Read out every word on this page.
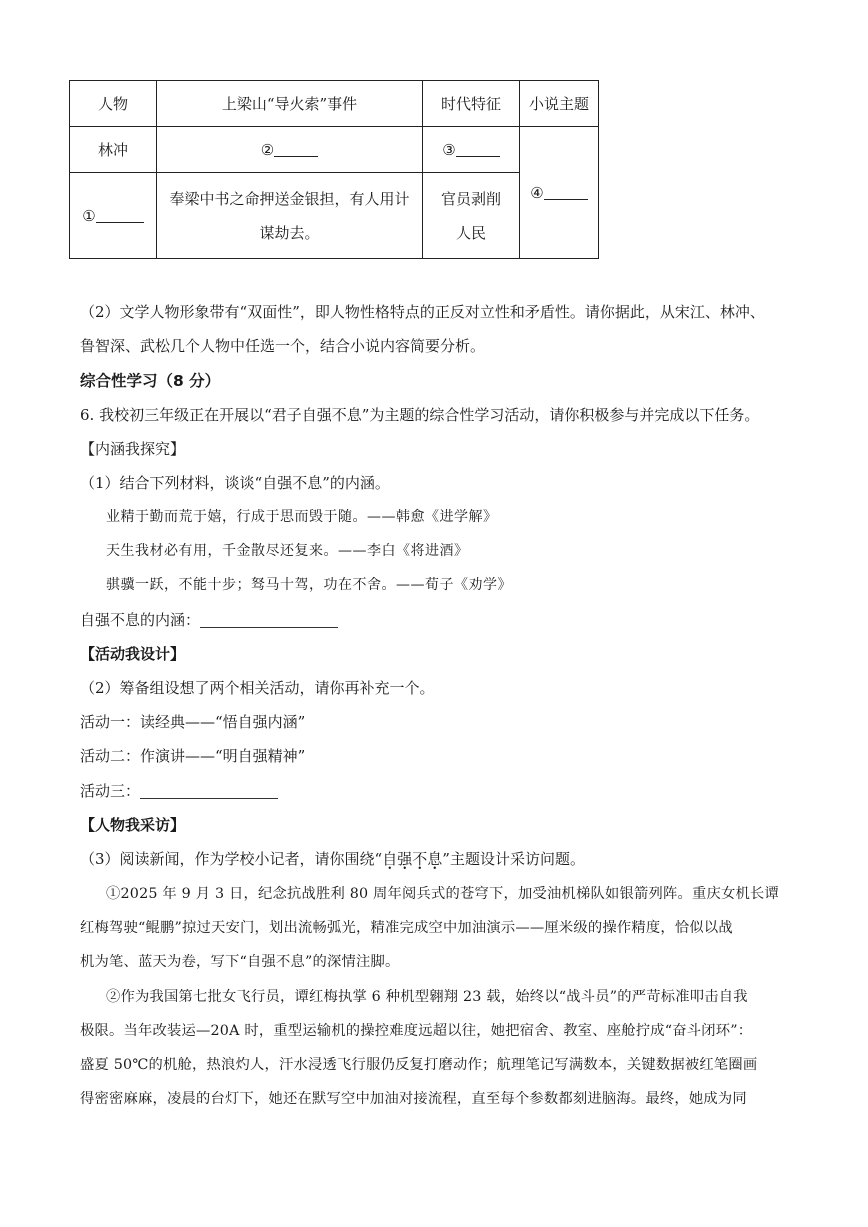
人物	上梁山“导火索”事件	时代特征	小说主题
林冲	②	③	④
①	奉梁中书之命押送金银担，有人用计谋劫去。	官员剥削人民	
（2）文学人物形象带有“双面性”，即人物性格特点的正反对立性和矛盾性。请你据此，从宋江、林冲、
鲁智深、武松几个人物中任选一个，结合小说内容简要分析。
综合性学习（8 分）
6. 我校初三年级正在开展以“君子自强不息”为主题的综合性学习活动，请你积极参与并完成以下任务。
【内涵我探究】
（1）结合下列材料，谈谈“自强不息”的内涵。
业精于勤而荒于嬉，行成于思而毁于随。——韩愈《进学解》
天生我材必有用，千金散尽还复来。——李白《将进酒》
骐骥一跃，不能十步；驽马十驾，功在不舍。——荀子《劝学》
自强不息的内涵：
【活动我设计】
（2）筹备组设想了两个相关活动，请你再补充一个。
活动一：读经典——“悟自强内涵”
活动二：作演讲——“明自强精神”
活动三：
【人物我采访】
（3）阅读新闻，作为学校小记者，请你围绕“自强不息”主题设计采访问题。
①2025 年 9 月 3 日，纪念抗战胜利 80 周年阅兵式的苍穹下，加受油机梯队如银箭列阵。重庆女机长谭
红梅驾驶“鲲鹏”掠过天安门，划出流畅弧光，精准完成空中加油演示——厘米级的操作精度，恰似以战
机为笔、蓝天为卷，写下“自强不息”的深情注脚。
②作为我国第七批女飞行员，谭红梅执掌 6 种机型翱翔 23 载，始终以“战斗员”的严苛标准叩击自我
极限。当年改装运—20A 时，重型运输机的操控难度远超以往，她把宿舍、教室、座舱拧成“奋斗闭环”：
盛夏 50℃的机舱，热浪灼人，汗水浸透飞行服仍反复打磨动作；航理笔记写满数本，关键数据被红笔圈画
得密密麻麻，凌晨的台灯下，她还在默写空中加油对接流程，直至每个参数都刻进脑海。最终，她成为同
